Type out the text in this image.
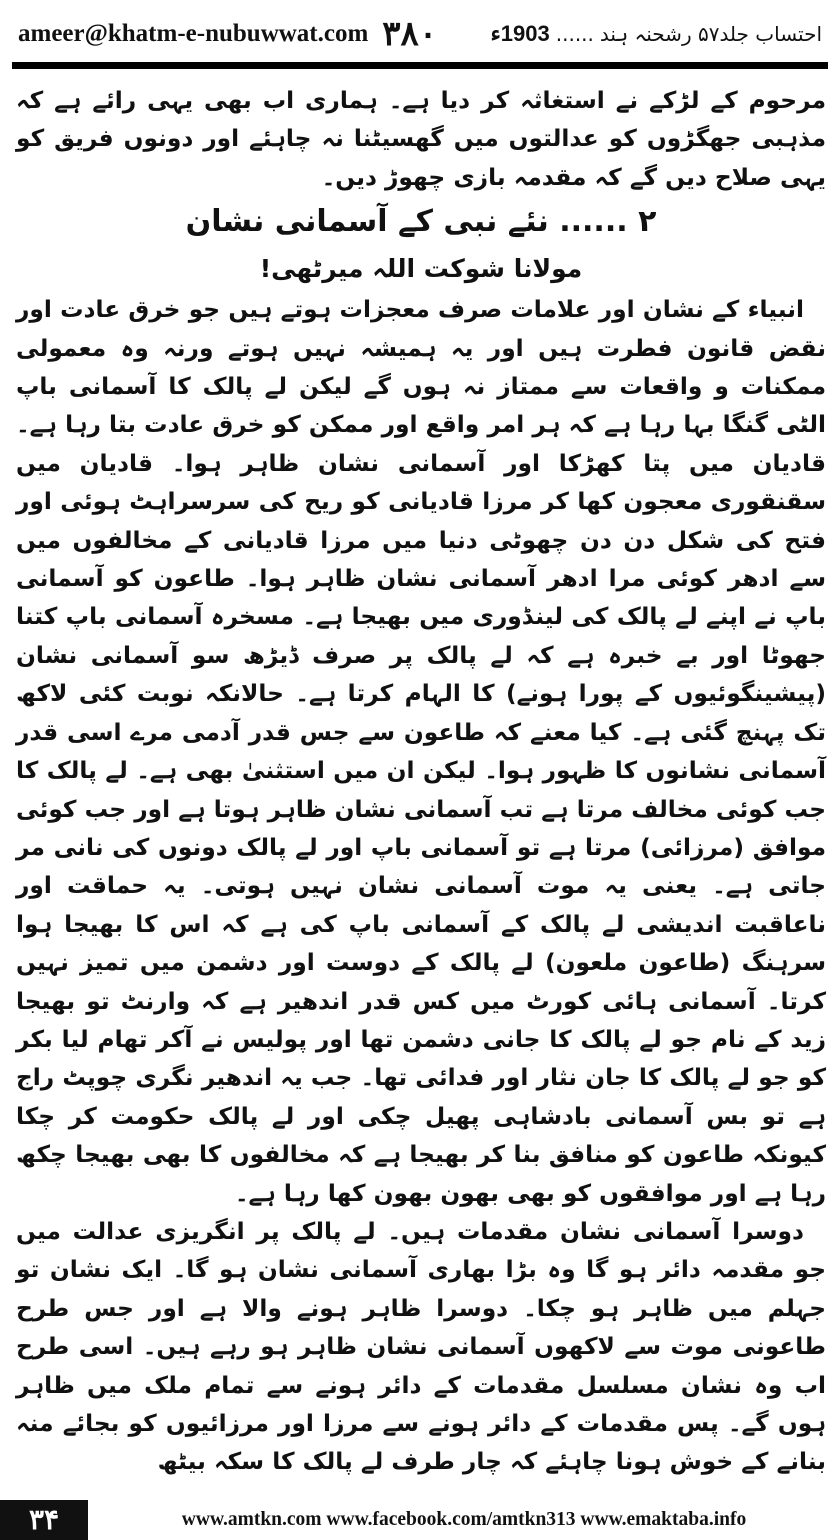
ameer@khatm-e-nubuwwat.com ۳۸۰	احتساب جلد۵۷ رشحنہ ہند
......
1903ء

مرحوم کے لڑکے نے استغاثہ کر دیا ہے۔ ہماری اب بھی یہی رائے ہے کہ مذہبی جھگڑوں کو عدالتوں میں گھسیٹنا نہ چاہئے اور دونوں فریق کو یہی صلاح دیں گے کہ مقدمہ بازی چھوڑ دیں۔

۲ ...... نئے نبی کے آسمانی نشان

مولانا شوکت اللہ میرٹھی!

انبیاء کے نشان اور علامات صرف معجزات ہوتے ہیں جو خرق عادت اور نقض قانون فطرت ہیں اور یہ ہمیشہ نہیں ہوتے ورنہ وہ معمولی ممکنات و واقعات سے ممتاز نہ ہوں گے لیکن لے پالک کا آسمانی باپ الٹی گنگا بہا رہا ہے کہ ہر امر واقع اور ممکن کو خرق عادت بتا رہا ہے۔ قادیان میں پتا کھڑکا اور آسمانی نشان ظاہر ہوا۔ قادیان میں سقنقوری معجون کھا کر مرزا قادیانی کو ریح کی سرسراہٹ ہوئی اور فتح کی شکل دن دن چھوٹی دنیا میں مرزا قادیانی کے مخالفوں میں سے ادھر کوئی مرا ادھر آسمانی نشان ظاہر ہوا۔ طاعون کو آسمانی باپ نے اپنے لے پالک کی لینڈوری میں بھیجا ہے۔ مسخرہ آسمانی باپ کتنا جھوٹا اور بے خبرہ ہے کہ لے پالک پر صرف ڈیڑھ سو آسمانی نشان (پیشینگوئیوں کے پورا ہونے) کا الہام کرتا ہے۔ حالانکہ نوبت کئی لاکھ تک پہنچ گئی ہے۔ کیا معنے کہ طاعون سے جس قدر آدمی مرے اسی قدر آسمانی نشانوں کا ظہور ہوا۔ لیکن ان میں استثنیٰ بھی ہے۔ لے پالک کا جب کوئی مخالف مرتا ہے تب آسمانی نشان ظاہر ہوتا ہے اور جب کوئی موافق (مرزائی) مرتا ہے تو آسمانی باپ اور لے پالک دونوں کی نانی مر جاتی ہے۔ یعنی یہ موت آسمانی نشان نہیں ہوتی۔ یہ حماقت اور ناعاقبت اندیشی لے پالک کے آسمانی باپ کی ہے کہ اس کا بھیجا ہوا سرہنگ (طاعون ملعون) لے پالک کے دوست اور دشمن میں تمیز نہیں کرتا۔ آسمانی ہائی کورٹ میں کس قدر اندھیر ہے کہ وارنٹ تو بھیجا زید کے نام جو لے پالک کا جانی دشمن تھا اور پولیس نے آکر تھام لیا بکر کو جو لے پالک کا جان نثار اور فدائی تھا۔ جب یہ اندھیر نگری چوپٹ راج ہے تو بس آسمانی بادشاہی پھیل چکی اور لے پالک حکومت کر چکا کیونکہ طاعون کو منافق بنا کر بھیجا ہے کہ مخالفوں کا بھی بھیجا چکھ رہا ہے اور موافقوں کو بھی بھون بھون کھا رہا ہے۔

دوسرا آسمانی نشان مقدمات ہیں۔ لے پالک پر انگریزی عدالت میں جو مقدمہ دائر ہو گا وہ بڑا بھاری آسمانی نشان ہو گا۔ ایک نشان تو جہلم میں ظاہر ہو چکا۔ دوسرا ظاہر ہونے والا ہے اور جس طرح طاعونی موت سے لاکھوں آسمانی نشان ظاہر ہو رہے ہیں۔ اسی طرح اب وہ نشان مسلسل مقدمات کے دائر ہونے سے تمام ملک میں ظاہر ہوں گے۔ پس مقدمات کے دائر ہونے سے مرزا اور مرزائیوں کو بجائے منہ بنانے کے خوش ہونا چاہئے کہ چار طرف لے پالک کا سکہ بیٹھ

۳۴	www.amtkn.com www.facebook.com/amtkn313 www.emaktaba.info
